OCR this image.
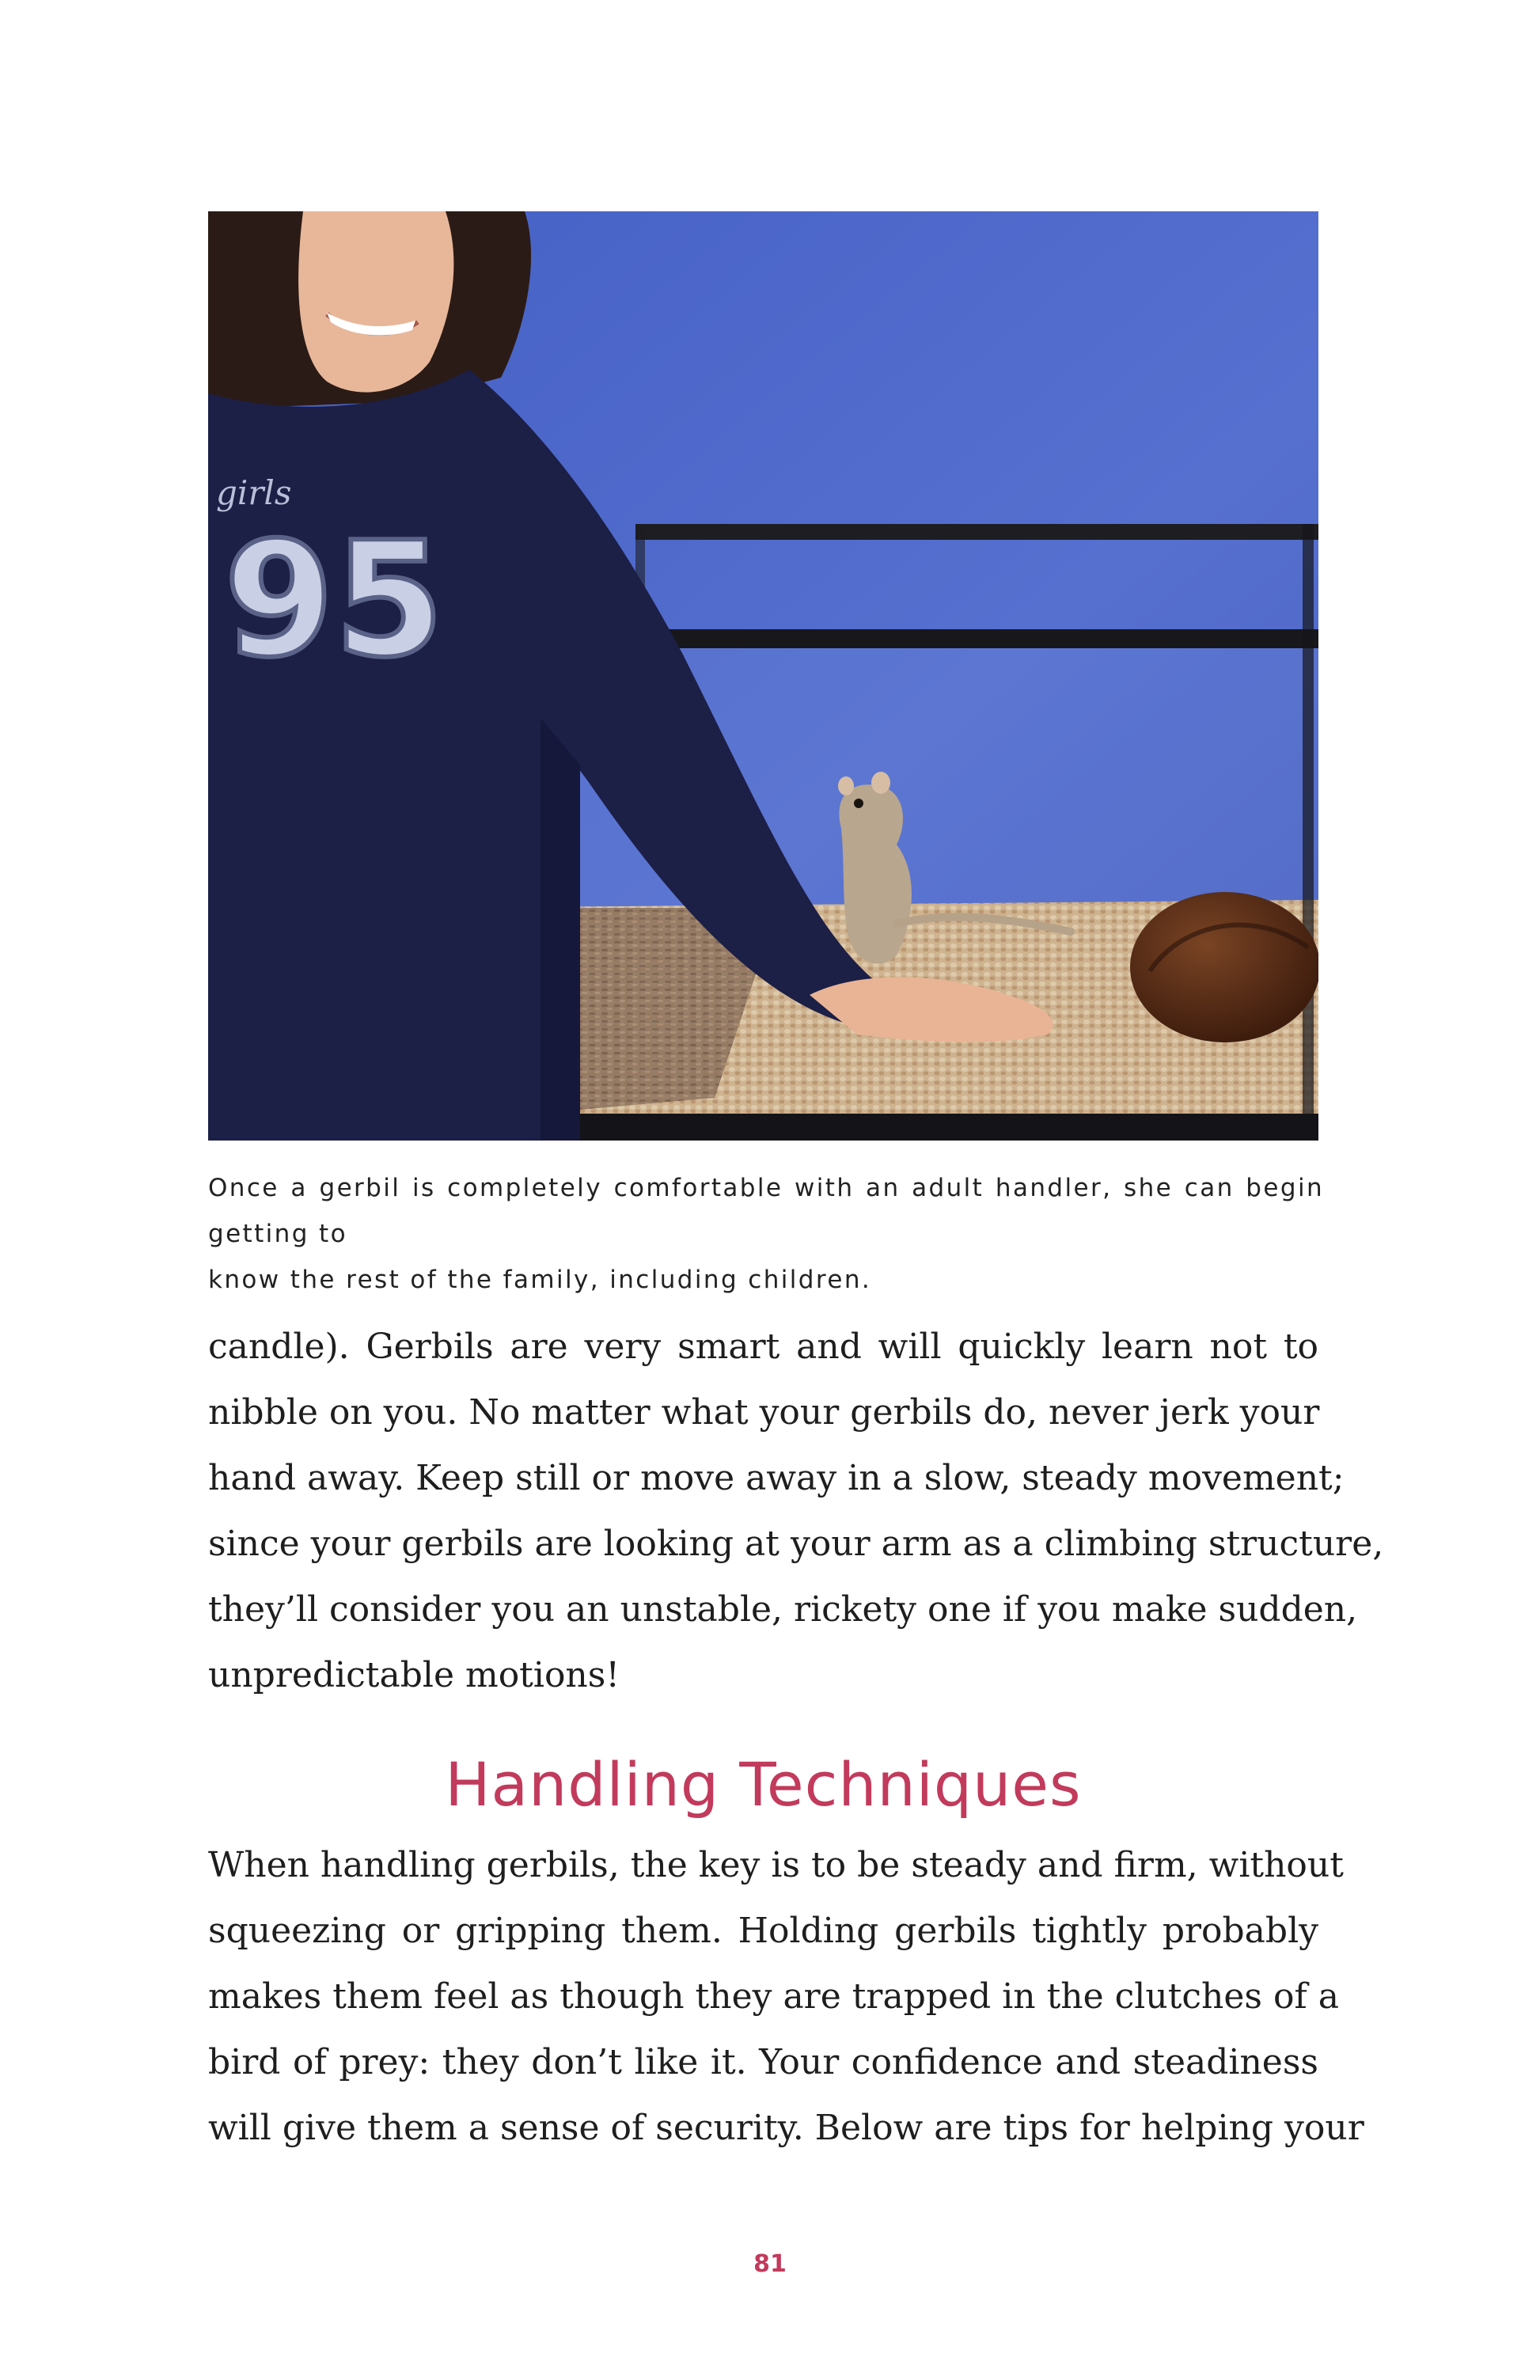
girls
95
Once a gerbil is completely comfortable with an adult handler, she can begin getting to
know the rest of the family, including children.
candle). Gerbils are very smart and will quickly learn not to
nibble on you. No matter what your gerbils do, never jerk your
hand away. Keep still or move away in a slow, steady movement;
since your gerbils are looking at your arm as a climbing structure,
they’ll consider you an unstable, rickety one if you make sudden,
unpredictable motions!
Handling Techniques
When handling gerbils, the key is to be steady and firm, without
squeezing or gripping them. Holding gerbils tightly probably
makes them feel as though they are trapped in the clutches of a
bird of prey: they don’t like it. Your confidence and steadiness
will give them a sense of security. Below are tips for helping your
81
